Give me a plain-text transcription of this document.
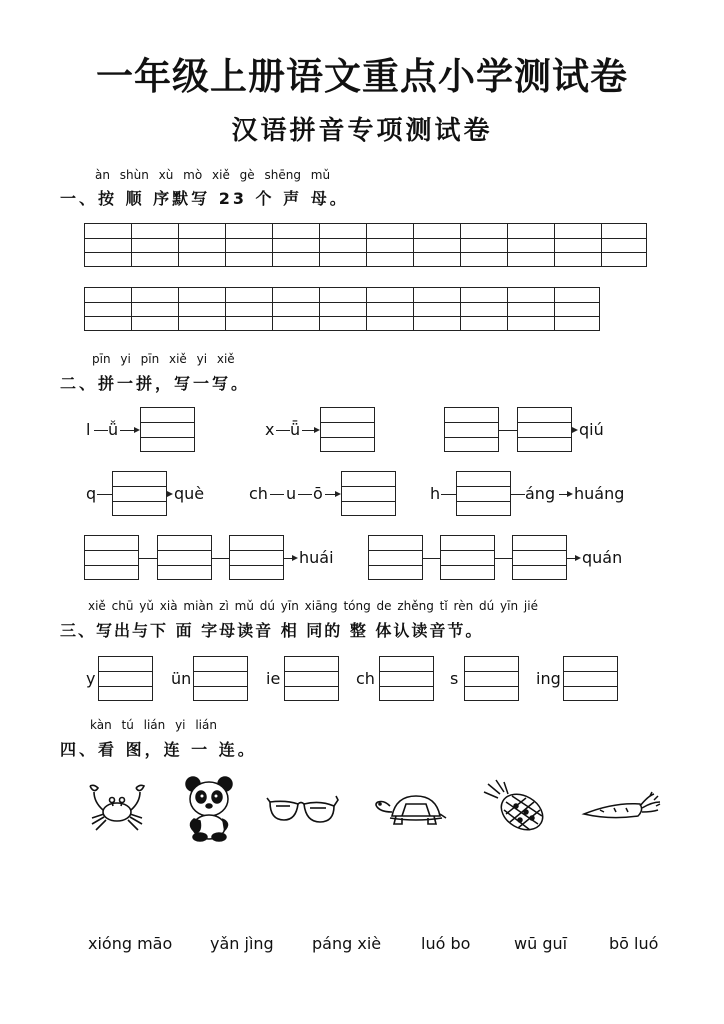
一年级上册语文重点小学测试卷
汉语拼音专项测试卷
àn shùn xù mò xiě gè shēng mǔ
一、按 顺 序默写 23 个 声 母。
pīn yi pīn xiě yi xiě
二、拼一拼，写一写。
l ǚ	x ǖ	qiú
q	què	ch u ō	h	áng huáng
huái	quán
xiě chū yǔ xià miàn zì mǔ dú yīn xiāng tóng de zhěng tǐ rèn dú yīn jié
三、写出与下 面 字母读音 相 同的 整 体认读音节。
y	ün	ie	ch	s	ing
kàn tú lián yi lián
四、看 图，连 一 连。
xióng māo yǎn jìng páng xiè luó bo	wū guī	bō luó
